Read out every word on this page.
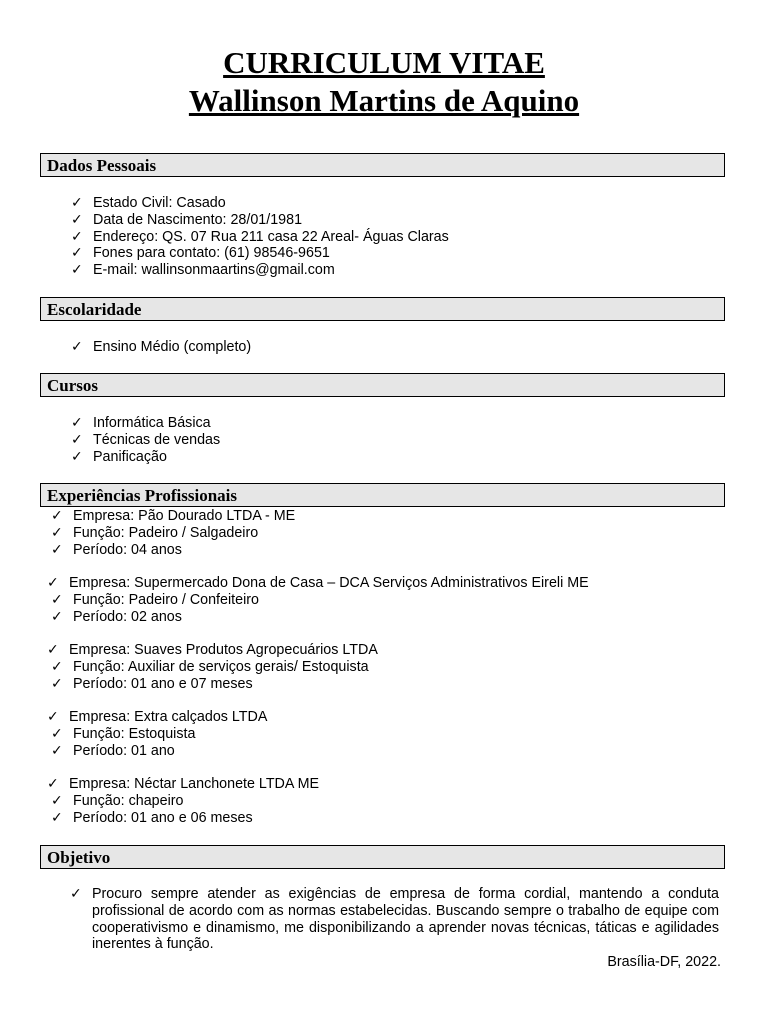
CURRICULUM VITAE
Wallinson Martins de Aquino
Dados Pessoais
✓ Estado Civil: Casado
✓ Data de Nascimento: 28/01/1981
✓ Endereço: QS. 07 Rua 211 casa 22 Areal- Águas Claras
✓ Fones para contato: (61) 98546-9651
✓ E-mail: wallinsonmaartins@gmail.com
Escolaridade
✓ Ensino Médio (completo)
Cursos
✓ Informática Básica
✓ Técnicas de vendas
✓ Panificação
Experiências Profissionais
✓ Empresa: Pão Dourado LTDA - ME
✓ Função: Padeiro / Salgadeiro
✓ Período: 04 anos
✓ Empresa: Supermercado Dona de Casa – DCA Serviços Administrativos Eireli ME
✓ Função: Padeiro / Confeiteiro
✓ Período: 02 anos
✓ Empresa: Suaves Produtos Agropecuários LTDA
✓ Função: Auxiliar de serviços gerais/ Estoquista
✓ Período: 01 ano e 07 meses
✓ Empresa: Extra calçados LTDA
✓ Função: Estoquista
✓ Período: 01 ano
✓ Empresa: Néctar Lanchonete LTDA ME
✓ Função: chapeiro
✓ Período: 01 ano e 06 meses
Objetivo

✓ Procuro sempre atender as exigências de empresa de forma cordial, mantendo a conduta profissional de acordo com as normas estabelecidas. Buscando sempre o trabalho de equipe com cooperativismo e dinamismo, me disponibilizando a aprender novas técnicas, táticas e agilidades inerentes à função.

Brasília-DF, 2022.
